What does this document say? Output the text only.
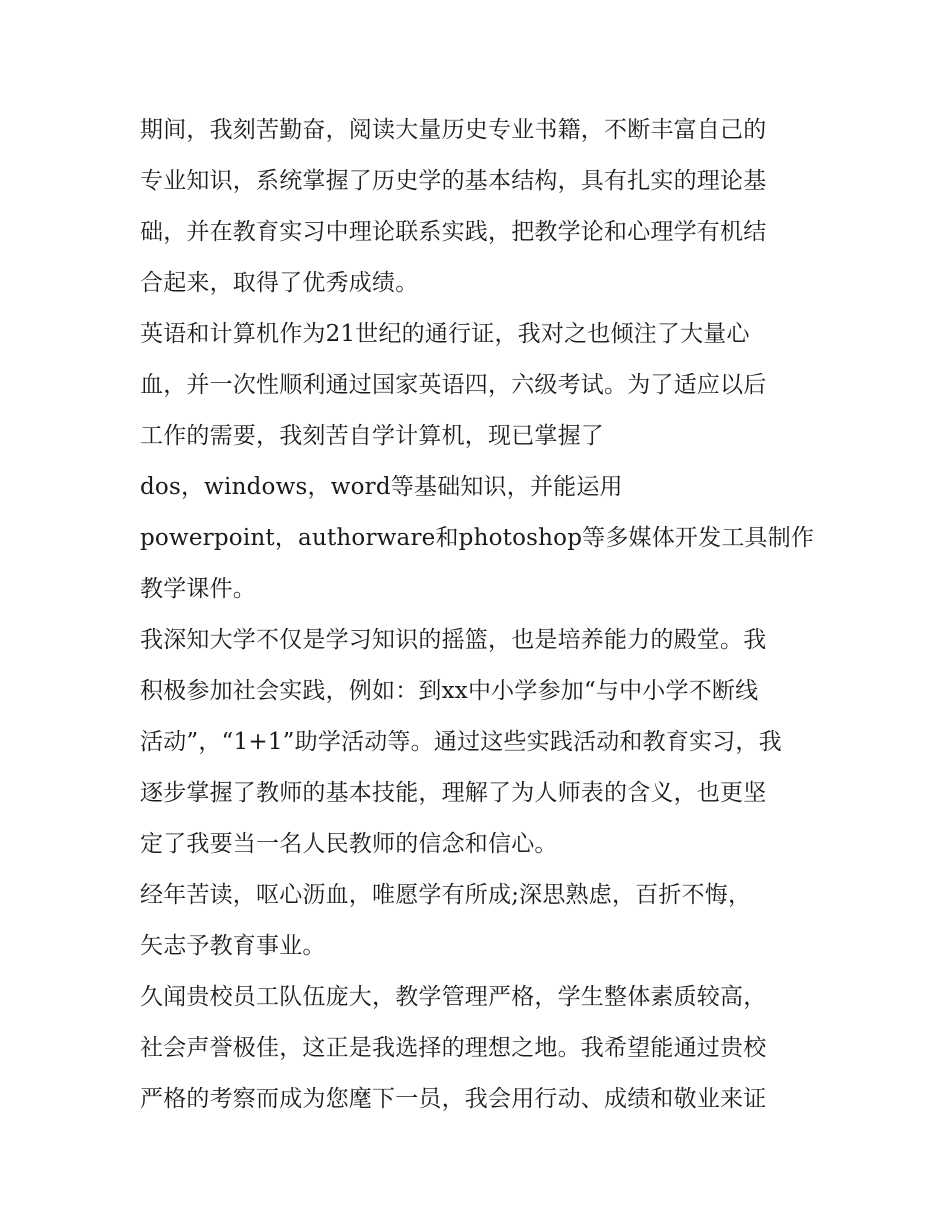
期间，我刻苦勤奋，阅读大量历史专业书籍，不断丰富自己的
专业知识，系统掌握了历史学的基本结构，具有扎实的理论基
础，并在教育实习中理论联系实践，把教学论和心理学有机结
合起来，取得了优秀成绩。
英语和计算机作为21世纪的通行证，我对之也倾注了大量心
血，并一次性顺利通过国家英语四，六级考试。为了适应以后
工作的需要，我刻苦自学计算机，现已掌握了
dos，windows，word等基础知识，并能运用
powerpoint，authorware和photoshop等多媒体开发工具制作
教学课件。
我深知大学不仅是学习知识的摇篮，也是培养能力的殿堂。我
积极参加社会实践，例如：到xx中小学参加“与中小学不断线
活动”，“1+1”助学活动等。通过这些实践活动和教育实习，我
逐步掌握了教师的基本技能，理解了为人师表的含义，也更坚
定了我要当一名人民教师的信念和信心。
经年苦读，呕心沥血，唯愿学有所成;深思熟虑，百折不悔，
矢志予教育事业。
久闻贵校员工队伍庞大，教学管理严格，学生整体素质较高，
社会声誉极佳，这正是我选择的理想之地。我希望能通过贵校
严格的考察而成为您麾下一员，我会用行动、成绩和敬业来证
